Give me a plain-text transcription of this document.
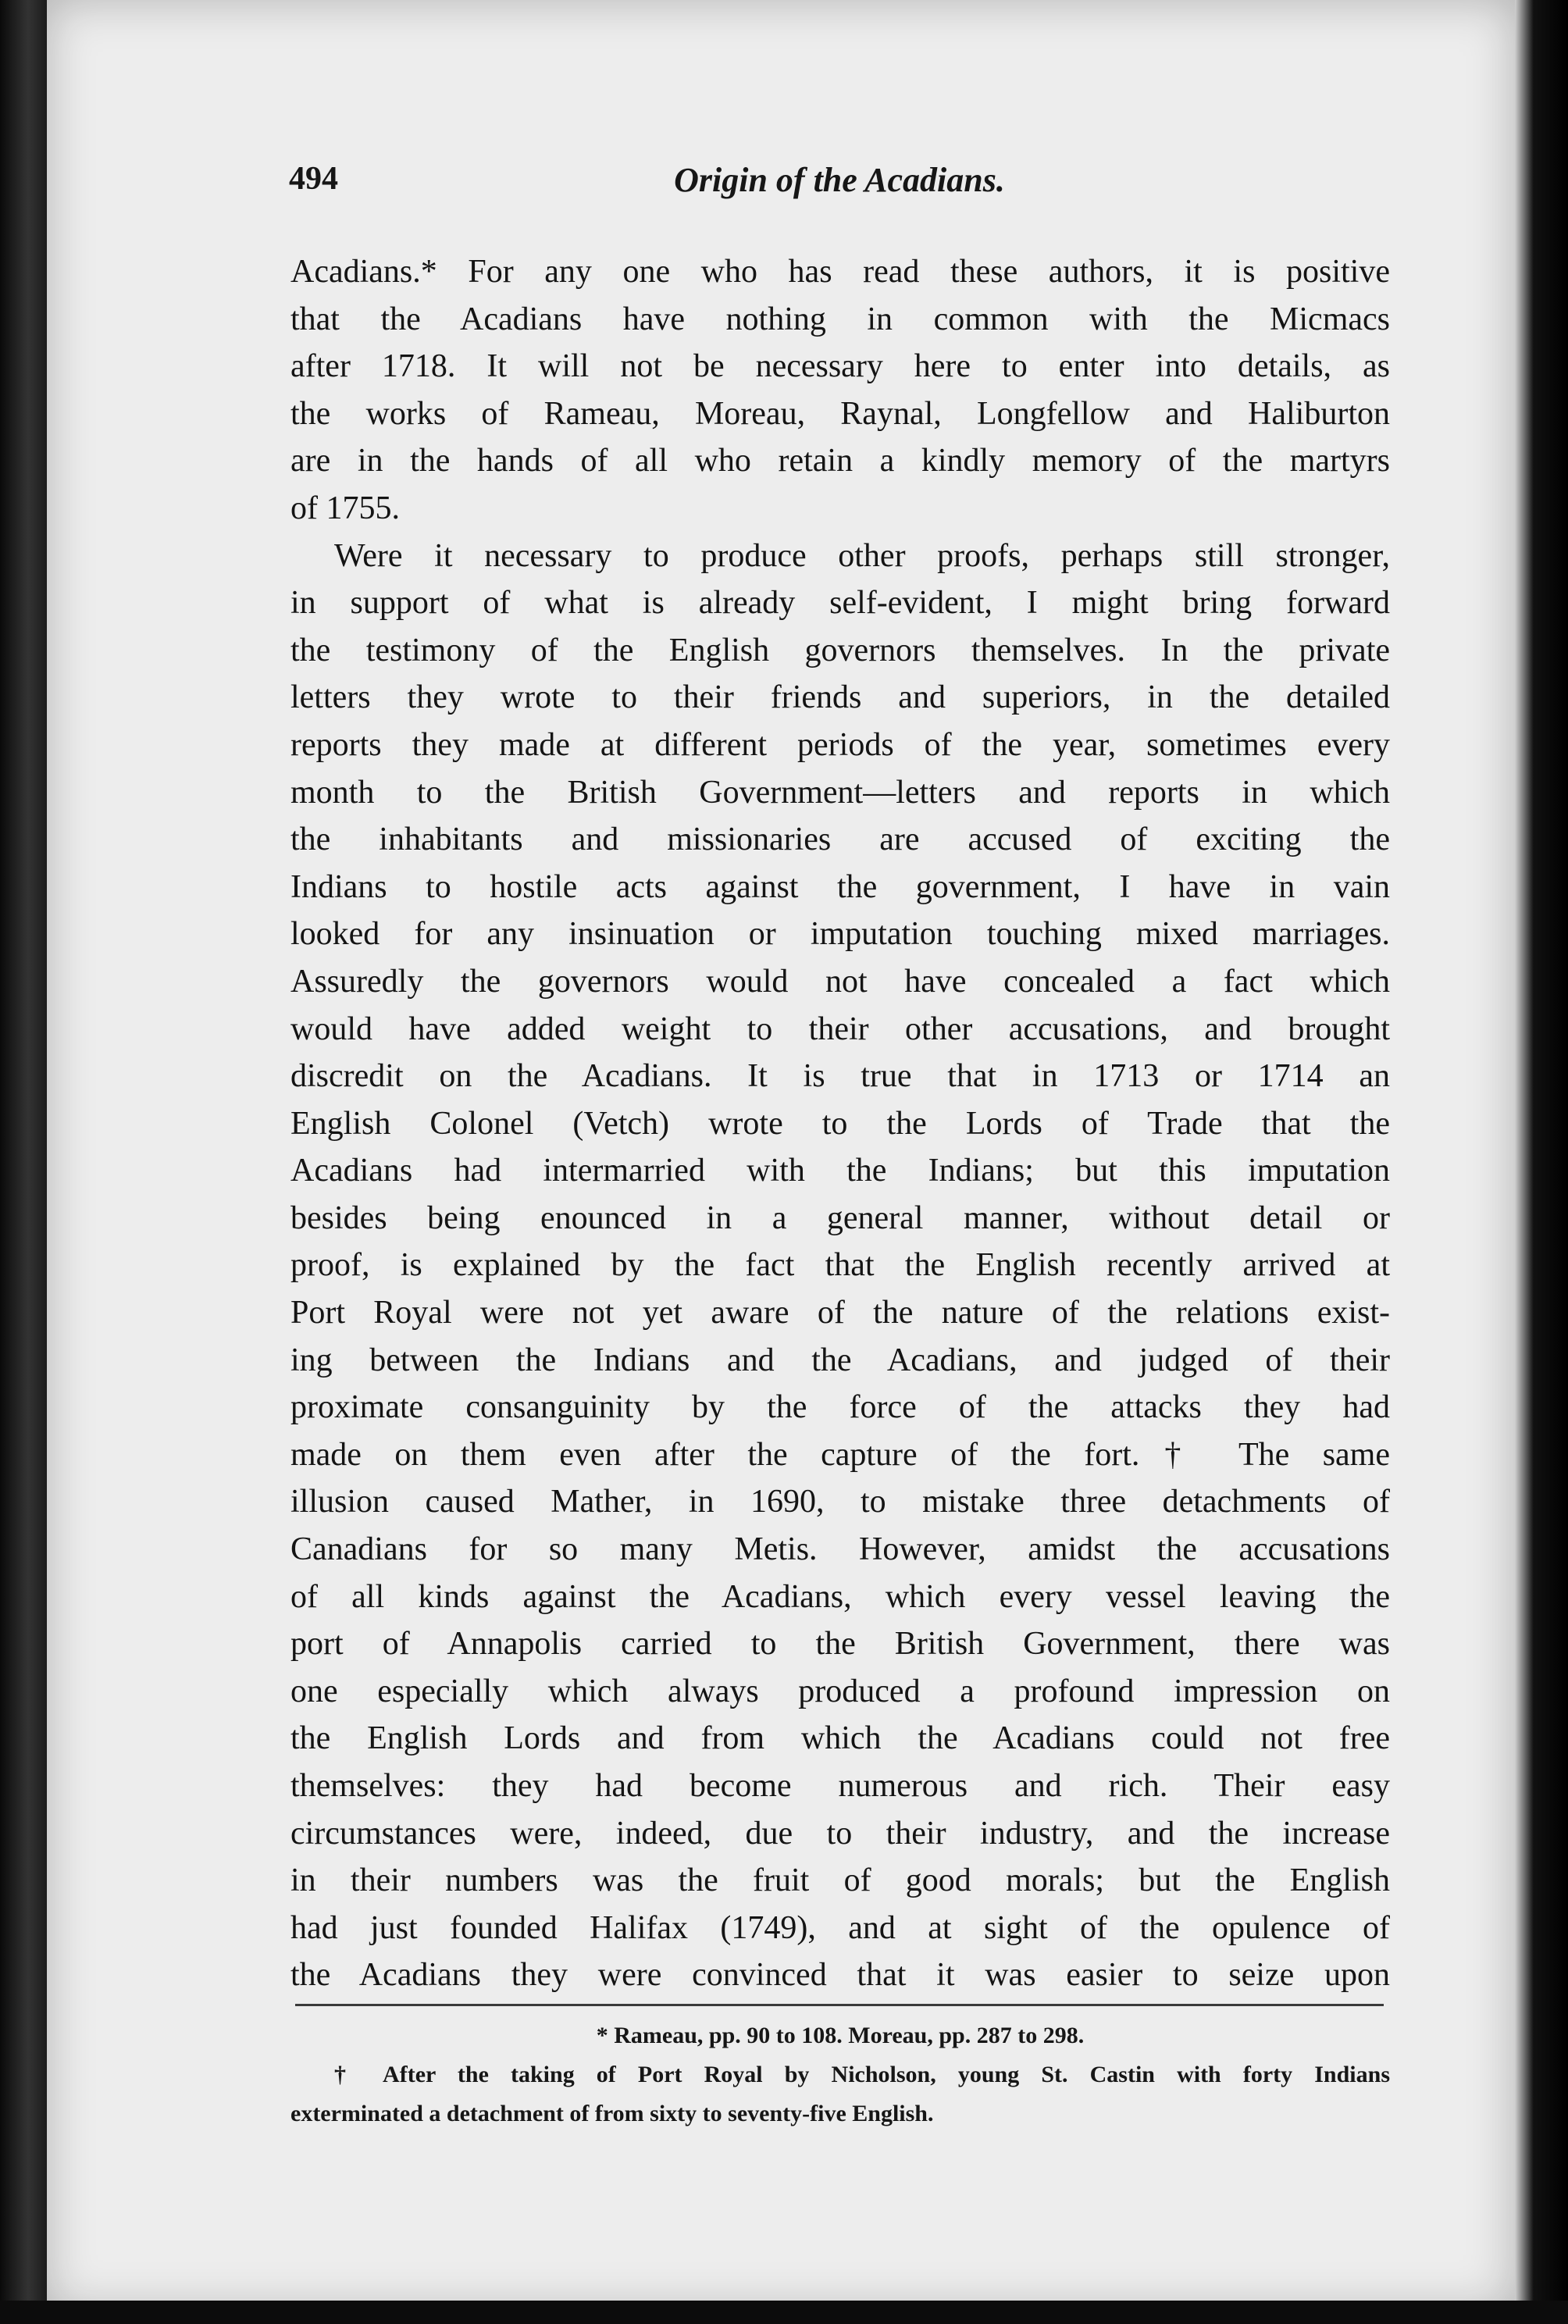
494	Origin of the Acadians.
Acadians.* For any one who has read these authors, it is positive
that the Acadians have nothing in common with the Micmacs
after 1718. It will not be necessary here to enter into details, as
the works of Rameau, Moreau, Raynal, Longfellow and Haliburton
are in the hands of all who retain a kindly memory of the martyrs
of 1755.
Were it necessary to produce other proofs, perhaps still stronger,
in support of what is already self-evident, I might bring forward
the testimony of the English governors themselves. In the private
letters they wrote to their friends and superiors, in the detailed
reports they made at different periods of the year, sometimes every
month to the British Government—letters and reports in which
the inhabitants and missionaries are accused of exciting the
Indians to hostile acts against the government, I have in vain
looked for any insinuation or imputation touching mixed marriages.
Assuredly the governors would not have concealed a fact which
would have added weight to their other accusations, and brought
discredit on the Acadians. It is true that in 1713 or 1714 an
English Colonel (Vetch) wrote to the Lords of Trade that the
Acadians had intermarried with the Indians; but this imputation
besides being enounced in a general manner, without detail or
proof, is explained by the fact that the English recently arrived at
Port Royal were not yet aware of the nature of the relations exist-
ing between the Indians and the Acadians, and judged of their
proximate consanguinity by the force of the attacks they had
made on them even after the capture of the fort.† The same
illusion caused Mather, in 1690, to mistake three detachments of
Canadians for so many Metis. However, amidst the accusations
of all kinds against the Acadians, which every vessel leaving the
port of Annapolis carried to the British Government, there was
one especially which always produced a profound impression on
the English Lords and from which the Acadians could not free
themselves: they had become numerous and rich. Their easy
circumstances were, indeed, due to their industry, and the increase
in their numbers was the fruit of good morals; but the English
had just founded Halifax (1749), and at sight of the opulence of
the Acadians they were convinced that it was easier to seize upon
* Rameau, pp. 90 to 108. Moreau, pp. 287 to 298.
† After the taking of Port Royal by Nicholson, young St. Castin with forty Indians
exterminated a detachment of from sixty to seventy-five English.
